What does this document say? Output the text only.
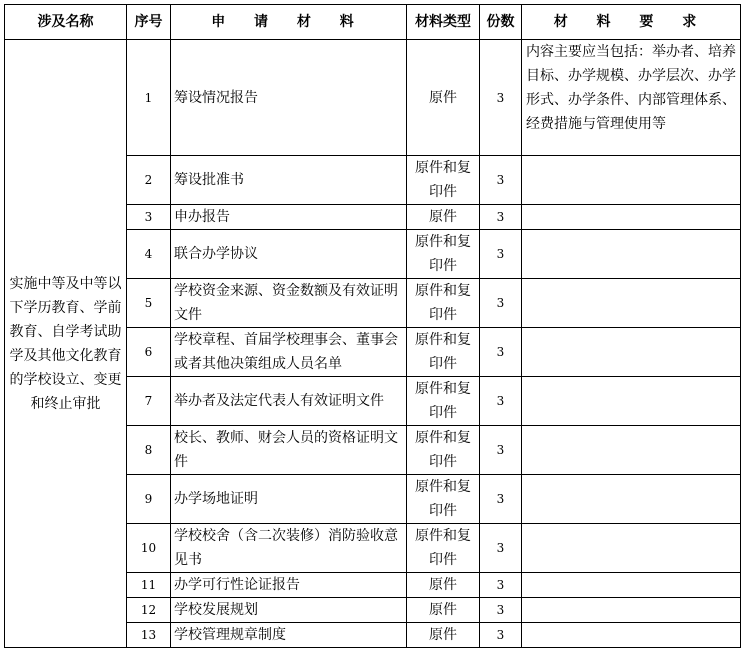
涉及名称	序号	申 请 材 料	材料类型	份数	材 料 要 求
实施中等及中等以下学历教育、学前教育、自学考试助学及其他文化教育的学校设立、变更和终止审批	1	筹设情况报告	原件	3	内容主要应当包括：举办者、培养目标、办学规模、办学层次、办学形式、办学条件、内部管理体系、经费措施与管理使用等
	2	筹设批准书	原件和复印件	3	
	3	申办报告	原件	3	
	4	联合办学协议	原件和复印件	3	
	5	学校资金来源、资金数额及有效证明文件	原件和复印件	3	
	6	学校章程、首届学校理事会、董事会或者其他决策组成人员名单	原件和复印件	3	
	7	举办者及法定代表人有效证明文件	原件和复印件	3	
	8	校长、教师、财会人员的资格证明文件	原件和复印件	3	
	9	办学场地证明	原件和复印件	3	
	10	学校校舍（含二次装修）消防验收意见书	原件和复印件	3	
	11	办学可行性论证报告	原件	3	
	12	学校发展规划	原件	3	
	13	学校管理规章制度	原件	3	
